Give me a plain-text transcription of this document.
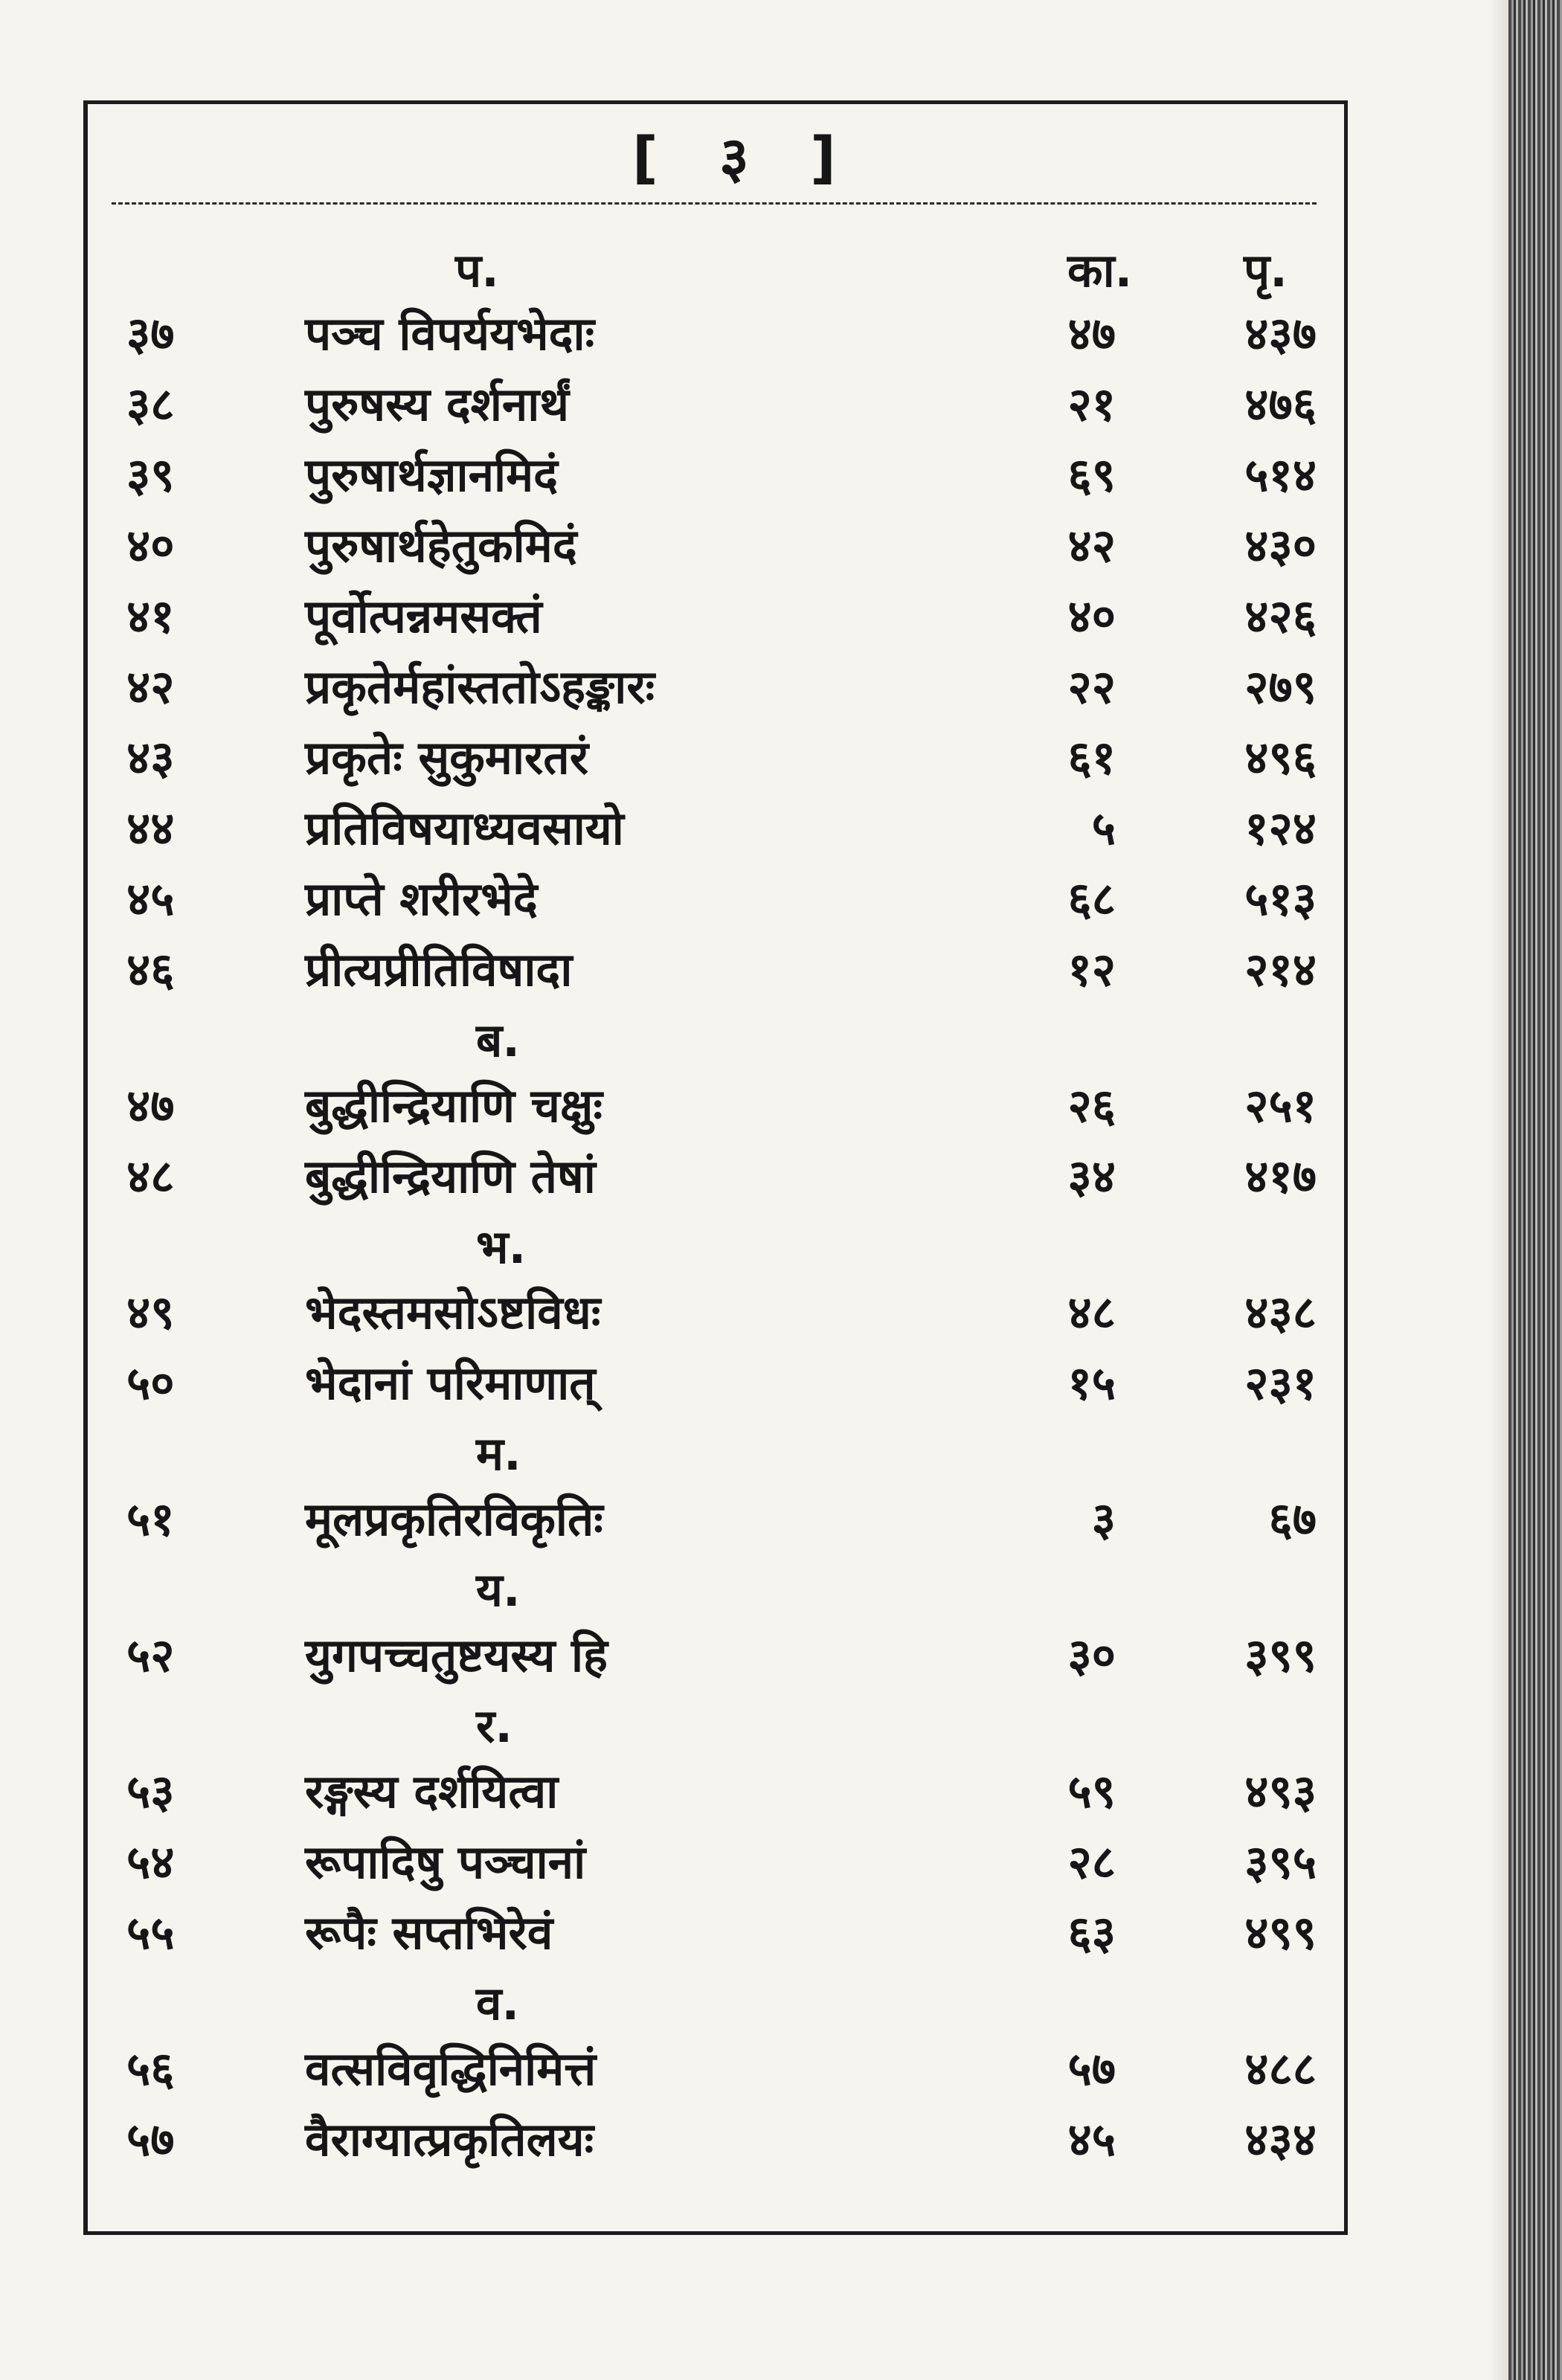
[ ३ ]
प.	का. पृ.
३७	पञ्च विपर्ययभेदाः	४७	४३७
३८	पुरुषस्य दर्शनार्थं	२१	४७६
३९	पुरुषार्थज्ञानमिदं	६९	५१४
४०	पुरुषार्थहेतुकमिदं	४२	४३०
४१	पूर्वोत्पन्नमसक्तं	४०	४२६
४२	प्रकृतेर्महांस्ततोऽहङ्कारः	२२	२७९
४३	प्रकृतेः सुकुमारतरं	६१	४९६
४४	प्रतिविषयाध्यवसायो	५	१२४
४५	प्राप्ते शरीरभेदे	६८	५१३
४६	प्रीत्यप्रीतिविषादा	१२	२१४
ब.
४७	बुद्धीन्द्रियाणि चक्षुः	२६	२५१
४८	बुद्धीन्द्रियाणि तेषां	३४	४१७
भ.
४९	भेदस्तमसोऽष्टविधः	४८	४३८
५०	भेदानां परिमाणात्	१५	२३१
म.
५१	मूलप्रकृतिरविकृतिः	३	६७
य.
५२	युगपच्चतुष्टयस्य हि	३०	३९९
र.
५३	रङ्गस्य दर्शयित्वा	५९	४९३
५४	रूपादिषु पञ्चानां	२८	३९५
५५	रूपैः सप्तभिरेवं	६३	४९९
व.
५६	वत्सविवृद्धिनिमित्तं	५७	४८८
५७	वैराग्यात्प्रकृतिलयः	४५	४३४
